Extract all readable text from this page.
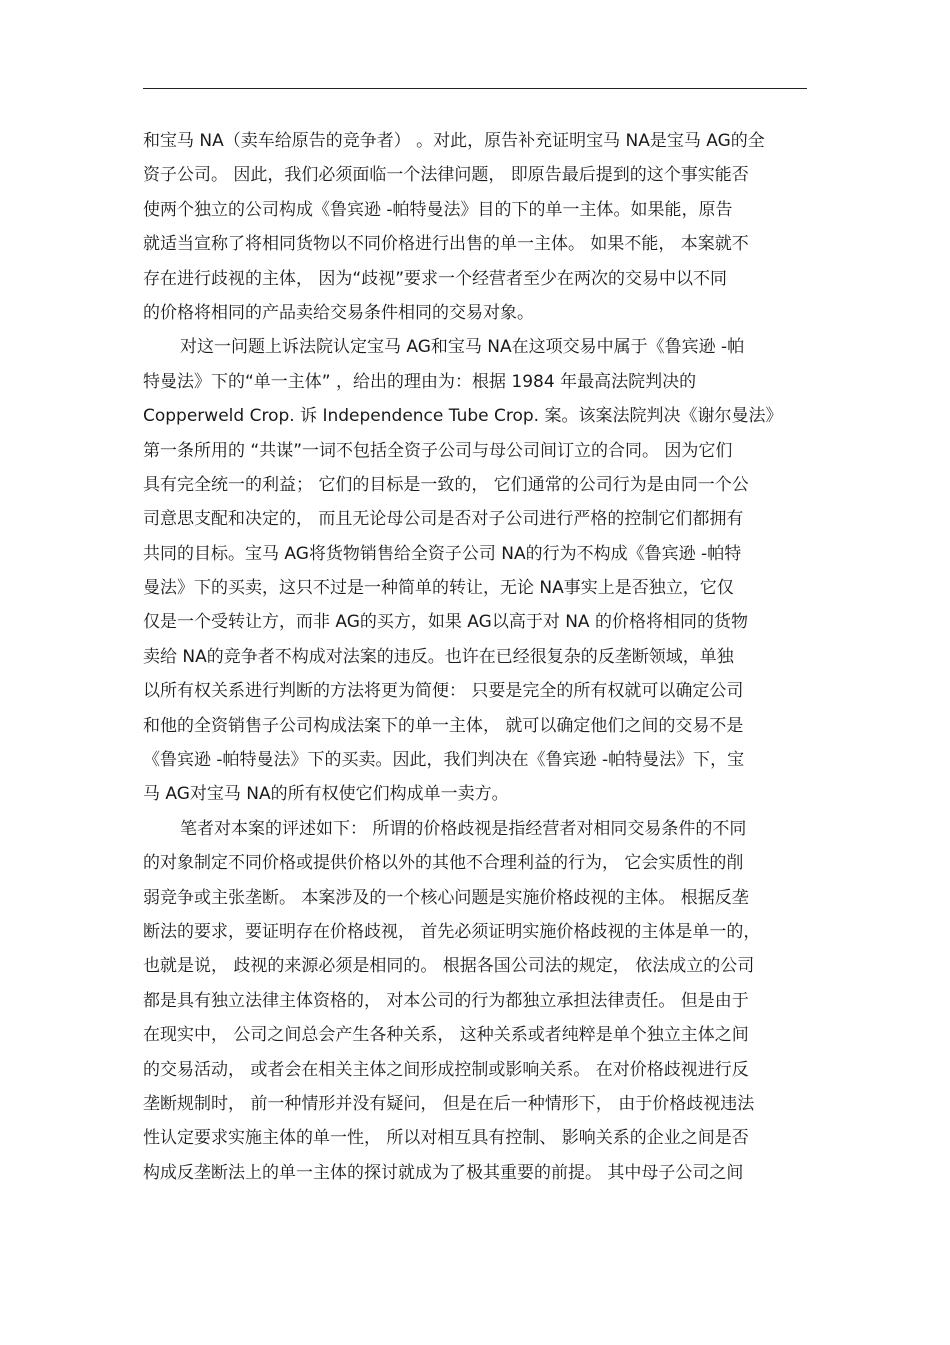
和宝马 NA（卖车给原告的竞争者） 。对此，原告补充证明宝马 NA是宝马 AG的全
资子公司。 因此，我们必须面临一个法律问题， 即原告最后提到的这个事实能否
使两个独立的公司构成《鲁宾逊 -帕特曼法》目的下的单一主体。如果能，原告
就适当宣称了将相同货物以不同价格进行出售的单一主体。 如果不能， 本案就不
存在进行歧视的主体， 因为“歧视”要求一个经营者至少在两次的交易中以不同
的价格将相同的产品卖给交易条件相同的交易对象。
对这一问题上诉法院认定宝马 AG和宝马 NA在这项交易中属于《鲁宾逊 -帕
特曼法》下的“单一主体” ，给出的理由为：根据 1984 年最高法院判决的
Copperweld Crop. 诉 Independence Tube Crop. 案。该案法院判决《谢尔曼法》
第一条所用的 “共谋”一词不包括全资子公司与母公司间订立的合同。 因为它们
具有完全统一的利益； 它们的目标是一致的， 它们通常的公司行为是由同一个公
司意思支配和决定的， 而且无论母公司是否对子公司进行严格的控制它们都拥有
共同的目标。宝马 AG将货物销售给全资子公司 NA的行为不构成《鲁宾逊 -帕特
曼法》下的买卖，这只不过是一种简单的转让，无论 NA事实上是否独立，它仅
仅是一个受转让方，而非 AG的买方，如果 AG以高于对 NA 的价格将相同的货物
卖给 NA的竞争者不构成对法案的违反。也许在已经很复杂的反垄断领域，单独
以所有权关系进行判断的方法将更为简便： 只要是完全的所有权就可以确定公司
和他的全资销售子公司构成法案下的单一主体， 就可以确定他们之间的交易不是
《鲁宾逊 -帕特曼法》下的买卖。因此，我们判决在《鲁宾逊 -帕特曼法》下，宝
马 AG对宝马 NA的所有权使它们构成单一卖方。
笔者对本案的评述如下： 所谓的价格歧视是指经营者对相同交易条件的不同
的对象制定不同价格或提供价格以外的其他不合理利益的行为， 它会实质性的削
弱竞争或主张垄断。 本案涉及的一个核心问题是实施价格歧视的主体。 根据反垄
断法的要求，要证明存在价格歧视， 首先必须证明实施价格歧视的主体是单一的，
也就是说， 歧视的来源必须是相同的。 根据各国公司法的规定， 依法成立的公司
都是具有独立法律主体资格的， 对本公司的行为都独立承担法律责任。 但是由于
在现实中， 公司之间总会产生各种关系， 这种关系或者纯粹是单个独立主体之间
的交易活动， 或者会在相关主体之间形成控制或影响关系。 在对价格歧视进行反
垄断规制时， 前一种情形并没有疑问， 但是在后一种情形下， 由于价格歧视违法
性认定要求实施主体的单一性， 所以对相互具有控制、 影响关系的企业之间是否
构成反垄断法上的单一主体的探讨就成为了极其重要的前提。 其中母子公司之间
